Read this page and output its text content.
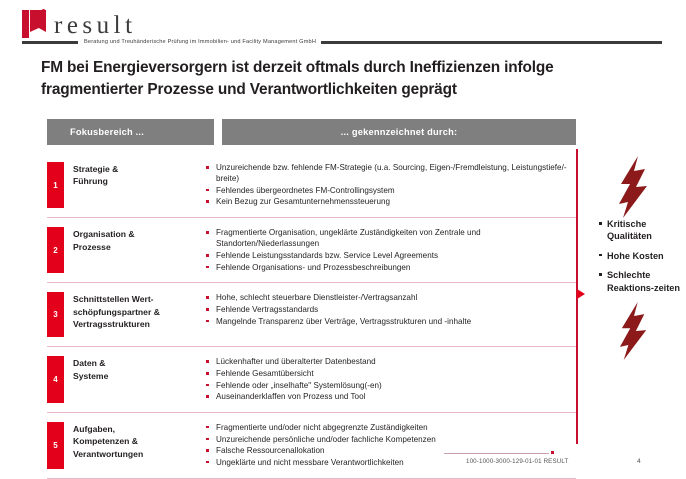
result
Beratung und Treuhänderische Prüfung im Immobilien- und Facility Management GmbH
FM bei Energieversorgern ist derzeit oftmals durch Ineffizienzen infolge fragmentierter Prozesse und Verantwortlichkeiten geprägt
Fokusbereich ...	... gekennzeichnet durch:
1
Strategie &
Führung
Unzureichende bzw. fehlende FM-Strategie (u.a. Sourcing, Eigen-/Fremdleistung, Leistungstiefe/-breite)
Fehlendes übergeordnetes FM-Controllingsystem
Kein Bezug zur Gesamtunternehmenssteuerung
2
Organisation &
Prozesse
Fragmentierte Organisation, ungeklärte Zuständigkeiten von Zentrale und Standorten/Niederlassungen
Fehlende Leistungsstandards bzw. Service Level Agreements
Fehlende Organisations- und Prozessbeschreibungen
3
Schnittstellen Wert-
schöpfungspartner &
Vertragsstrukturen
Hohe, schlecht steuerbare Dienstleister-/Vertragsanzahl
Fehlende Vertragsstandards
Mangelnde Transparenz über Verträge, Vertragsstrukturen und -inhalte
4
Daten &
Systeme
Lückenhafter und überalterter Datenbestand
Fehlende Gesamtübersicht
Fehlende oder „inselhafte" Systemlösung(-en)
Auseinanderklaffen von Prozess und Tool
5
Aufgaben,
Kompetenzen &
Verantwortungen
Fragmentierte und/oder nicht abgegrenzte Zuständigkeiten
Unzureichende persönliche und/oder fachliche Kompetenzen
Falsche Ressourcenallokation
Ungeklärte und nicht messbare Verantwortlichkeiten
Kritische Qualitäten
Hohe Kosten
Schlechte Reaktions-zeiten
100-1000-3000-129-01-01 RESULT	4
